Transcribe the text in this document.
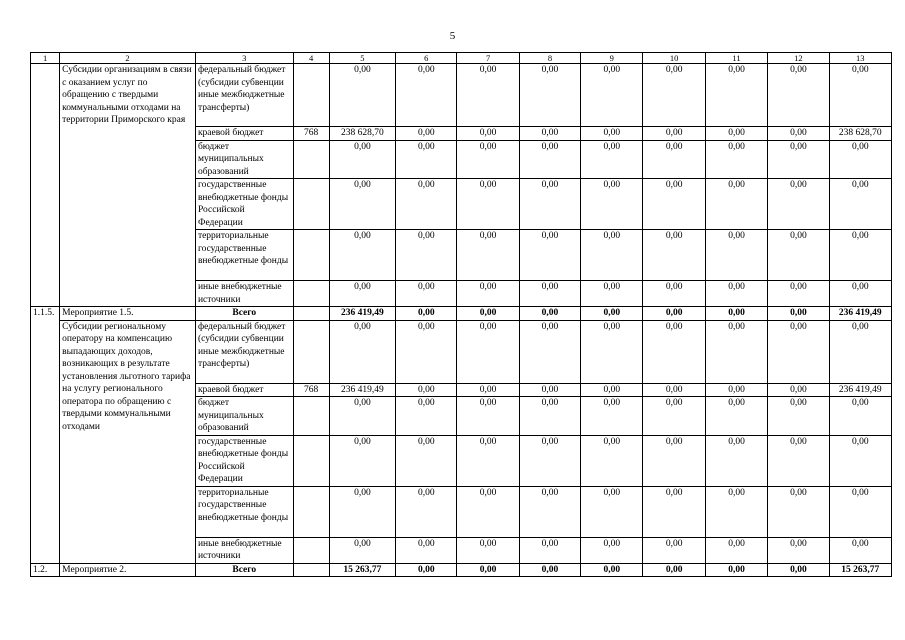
5
1	2	3	4	5	6	7	8	9	10	11	12	13
	Субсидии организациям в связи с оказанием услуг по обращению с твердыми коммунальными отходами на территории Приморского края	федеральный бюджет (субсидии субвенции иные межбюджетные трансферты)		0,00	0,00	0,00	0,00	0,00	0,00	0,00	0,00	0,00
		краевой бюджет	768	238 628,70	0,00	0,00	0,00	0,00	0,00	0,00	0,00	238 628,70
		бюджет муниципальных образований		0,00	0,00	0,00	0,00	0,00	0,00	0,00	0,00	0,00
		государственные внебюджетные фонды Российской Федерации		0,00	0,00	0,00	0,00	0,00	0,00	0,00	0,00	0,00
		территориальные государственные внебюджетные фонды		0,00	0,00	0,00	0,00	0,00	0,00	0,00	0,00	0,00
		иные внебюджетные источники		0,00	0,00	0,00	0,00	0,00	0,00	0,00	0,00	0,00
1.1.5.	Мероприятие 1.5.	Всего		236 419,49	0,00	0,00	0,00	0,00	0,00	0,00	0,00	236 419,49
	Субсидии региональному оператору на компенсацию выпадающих доходов, возникающих в результате установления льготного тарифа на услугу регионального оператора по обращению с твердыми коммунальными отходами	федеральный бюджет (субсидии субвенции иные межбюджетные трансферты)		0,00	0,00	0,00	0,00	0,00	0,00	0,00	0,00	0,00
		краевой бюджет	768	236 419,49	0,00	0,00	0,00	0,00	0,00	0,00	0,00	236 419,49
		бюджет муниципальных образований		0,00	0,00	0,00	0,00	0,00	0,00	0,00	0,00	0,00
		государственные внебюджетные фонды Российской Федерации		0,00	0,00	0,00	0,00	0,00	0,00	0,00	0,00	0,00
		территориальные государственные внебюджетные фонды		0,00	0,00	0,00	0,00	0,00	0,00	0,00	0,00	0,00
		иные внебюджетные источники		0,00	0,00	0,00	0,00	0,00	0,00	0,00	0,00	0,00
1.2.	Мероприятие 2.	Всего		15 263,77	0,00	0,00	0,00	0,00	0,00	0,00	0,00	15 263,77
